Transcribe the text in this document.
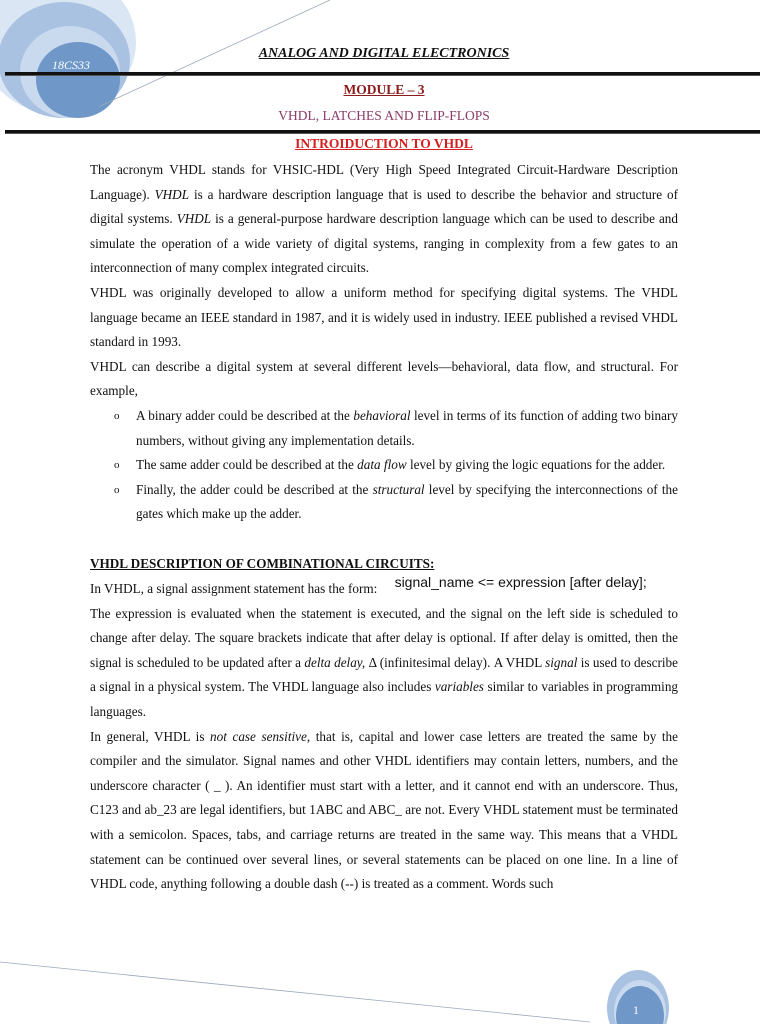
18CS33
ANALOG AND DIGITAL ELECTRONICS
MODULE – 3
VHDL, LATCHES AND FLIP-FLOPS
INTROIDUCTION TO VHDL

The acronym VHDL stands for VHSIC-HDL (Very High Speed Integrated Circuit-Hardware Description Language). VHDL is a hardware description language that is used to describe the behavior and structure of digital systems. VHDL is a general-purpose hardware description language which can be used to describe and simulate the operation of a wide variety of digital systems, ranging in complexity from a few gates to an interconnection of many complex integrated circuits.

VHDL was originally developed to allow a uniform method for specifying digital systems. The VHDL language became an IEEE standard in 1987, and it is widely used in industry. IEEE published a revised VHDL standard in 1993.

VHDL can describe a digital system at several different levels—behavioral, data flow, and structural. For example,

o A binary adder could be described at the behavioral level in terms of its function of adding two binary numbers, without giving any implementation details.
o The same adder could be described at the data flow level by giving the logic equations for the adder.
o Finally, the adder could be described at the structural level by specifying the interconnections of the gates which make up the adder.
VHDL DESCRIPTION OF COMBINATIONAL CIRCUITS:

In VHDL, a signal assignment statement has the form: signal_name <= expression [after delay];

The expression is evaluated when the statement is executed, and the signal on the left side is scheduled to change after delay. The square brackets indicate that after delay is optional. If after delay is omitted, then the signal is scheduled to be updated after a delta delay, Δ (infinitesimal delay). A VHDL signal is used to describe a signal in a physical system. The VHDL language also includes variables similar to variables in programming languages.

In general, VHDL is not case sensitive, that is, capital and lower case letters are treated the same by the compiler and the simulator. Signal names and other VHDL identifiers may contain letters, numbers, and the underscore character ( _ ). An identifier must start with a letter, and it cannot end with an underscore. Thus, C123 and ab_23 are legal identifiers, but 1ABC and ABC_ are not. Every VHDL statement must be terminated with a semicolon. Spaces, tabs, and carriage returns are treated in the same way. This means that a VHDL statement can be continued over several lines, or several statements can be placed on one line. In a line of VHDL code, anything following a double dash (--) is treated as a comment. Words such

1
